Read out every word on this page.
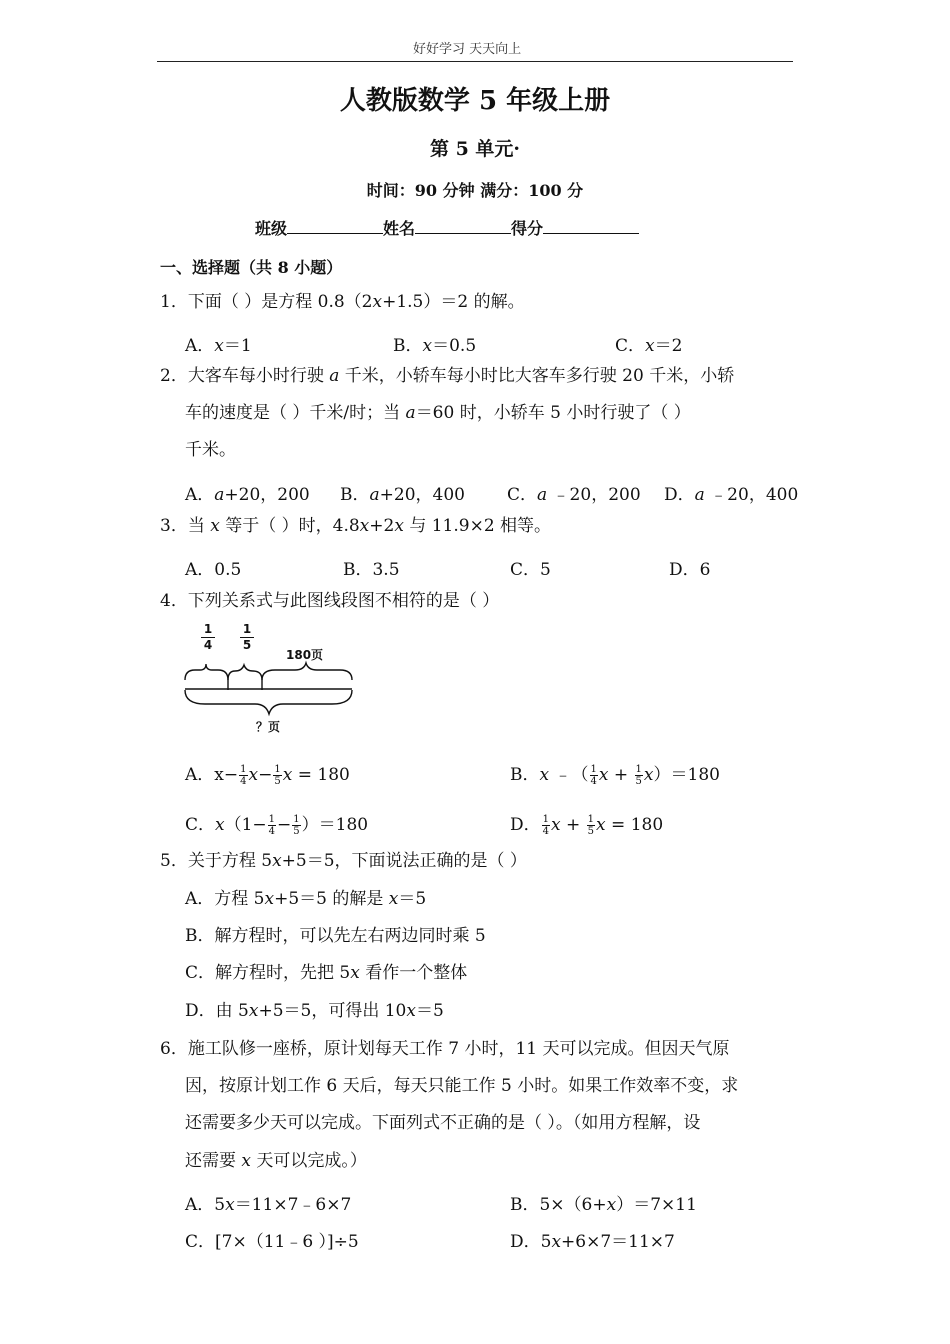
好好学习 天天向上
人教版数学 5 年级上册
第 5 单元·
时间：90 分钟 满分：100 分
班级	姓名	得分
一、选择题（共 8 小题）
1．下面（ ）是方程 0.8（2x+1.5）＝2 的解。
A．x＝1	B．x＝0.5	C．x＝2
2．大客车每小时行驶 a 千米，小轿车每小时比大客车多行驶 20 千米，小轿
车的速度是（ ）千米/时；当 a＝60 时，小轿车 5 小时行驶了（ ）
千米。
A．a+20，200 B．a+20，400 C．a ﹣20，200 D．a ﹣20，400
3．当 x 等于（ ）时，4.8x+2x 与 11.9×2 相等。
A．0.5	B．3.5	C．5	D．6
4．下列关系式与此图线段图不相符的是（ ）
1
4
1
5
180页
？页
A．$x- \frac{1}{4} x- \frac{1}{5}$ x = 180	B．x ﹣（ $\frac{1}{4}$ $x + \frac{1}{5} x)=180$
C．$x(1- \frac{1}{4} - \frac{1}{5} )=180$	D． $\frac{1}{4}$ $x + \frac{1}{5}$ x = 180
5．关于方程 5x+5＝5，下面说法正确的是（ ）
A．方程 5x+5＝5 的解是 x＝5
B．解方程时，可以先左右两边同时乘 5
C．解方程时，先把 5x 看作一个整体
D．由 5x+5＝5，可得出 10x＝5
6．施工队修一座桥，原计划每天工作 7 小时，11 天可以完成。但因天气原
因，按原计划工作 6 天后，每天只能工作 5 小时。如果工作效率不变，求
还需要多少天可以完成。下面列式不正确的是（ ）。（如用方程解，设
还需要 x 天可以完成。）
A．5x＝11×7﹣6×7	B．5×（6+x）＝7×11
C．[7×（11﹣6 ）]÷5	D．5x+6×7＝11×7
